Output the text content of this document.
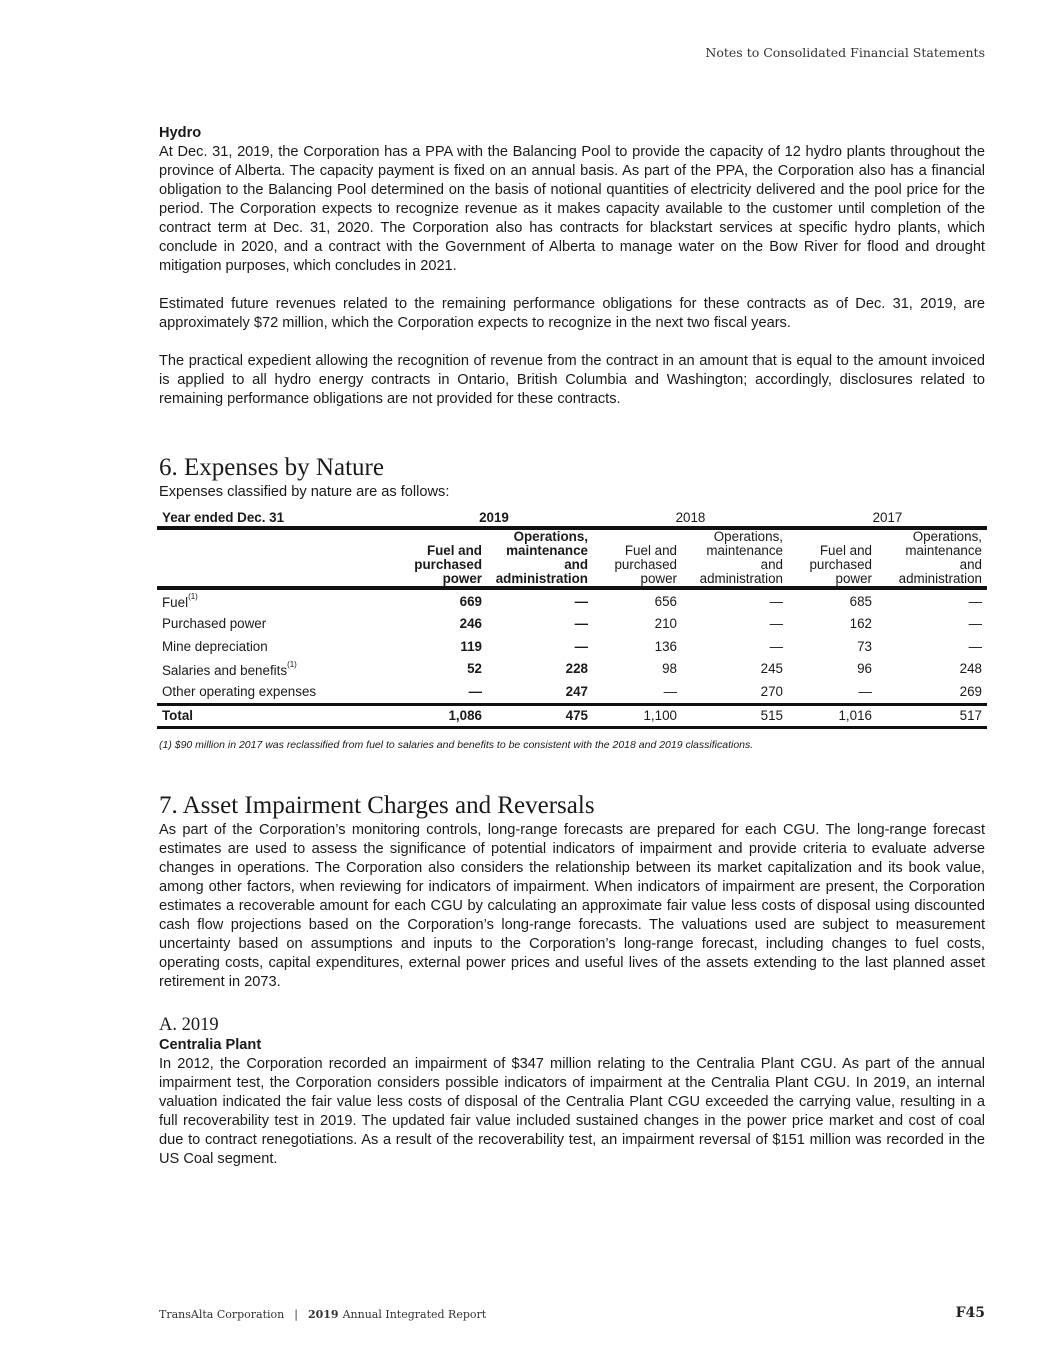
Notes to Consolidated Financial Statements

Hydro

At Dec. 31, 2019, the Corporation has a PPA with the Balancing Pool to provide the capacity of 12 hydro plants throughout the province of Alberta. The capacity payment is fixed on an annual basis. As part of the PPA, the Corporation also has a financial obligation to the Balancing Pool determined on the basis of notional quantities of electricity delivered and the pool price for the period. The Corporation expects to recognize revenue as it makes capacity available to the customer until completion of the contract term at Dec. 31, 2020. The Corporation also has contracts for blackstart services at specific hydro plants, which conclude in 2020, and a contract with the Government of Alberta to manage water on the Bow River for flood and drought mitigation purposes, which concludes in 2021.

Estimated future revenues related to the remaining performance obligations for these contracts as of Dec. 31, 2019, are approximately $72 million, which the Corporation expects to recognize in the next two fiscal years.

The practical expedient allowing the recognition of revenue from the contract in an amount that is equal to the amount invoiced is applied to all hydro energy contracts in Ontario, British Columbia and Washington; accordingly, disclosures related to remaining performance obligations are not provided for these contracts.

6. Expenses by Nature

Expenses classified by nature are as follows:

Year ended Dec. 31	2019		2018		2017	
	Fuel and
purchased
power	Operations,
maintenance
and
administration	Fuel and
purchased
power	Operations,
maintenance
and
administration	Fuel and
purchased
power	Operations,
maintenance
and
administration
Fuel$^{(1)}$	669	—	656	—	685	—
Purchased power	246	—	210	—	162	—
Mine depreciation	119	—	136	—	73	—
Salaries and benefits$^{(1)}$	52	228	98	245	96	248
Other operating expenses	—	247	—	270	—	269
Total	1,086	475	1,100	515	1,016	517

(1) $90 million in 2017 was reclassified from fuel to salaries and benefits to be consistent with the 2018 and 2019 classifications.

7. Asset Impairment Charges and Reversals

As part of the Corporation’s monitoring controls, long-range forecasts are prepared for each CGU. The long-range forecast estimates are used to assess the significance of potential indicators of impairment and provide criteria to evaluate adverse changes in operations. The Corporation also considers the relationship between its market capitalization and its book value, among other factors, when reviewing for indicators of impairment. When indicators of impairment are present, the Corporation estimates a recoverable amount for each CGU by calculating an approximate fair value less costs of disposal using discounted cash flow projections based on the Corporation’s long-range forecasts. The valuations used are subject to measurement uncertainty based on assumptions and inputs to the Corporation’s long-range forecast, including changes to fuel costs, operating costs, capital expenditures, external power prices and useful lives of the assets extending to the last planned asset retirement in 2073.

A. 2019

Centralia Plant

In 2012, the Corporation recorded an impairment of $347 million relating to the Centralia Plant CGU. As part of the annual impairment test, the Corporation considers possible indicators of impairment at the Centralia Plant CGU. In 2019, an internal valuation indicated the fair value less costs of disposal of the Centralia Plant CGU exceeded the carrying value, resulting in a full recoverability test in 2019. The updated fair value included sustained changes in the power price market and cost of coal due to contract renegotiations. As a result of the recoverability test, an impairment reversal of $151 million was recorded in the US Coal segment.

TransAlta Corporation | 2019 Annual Integrated Report	F45
